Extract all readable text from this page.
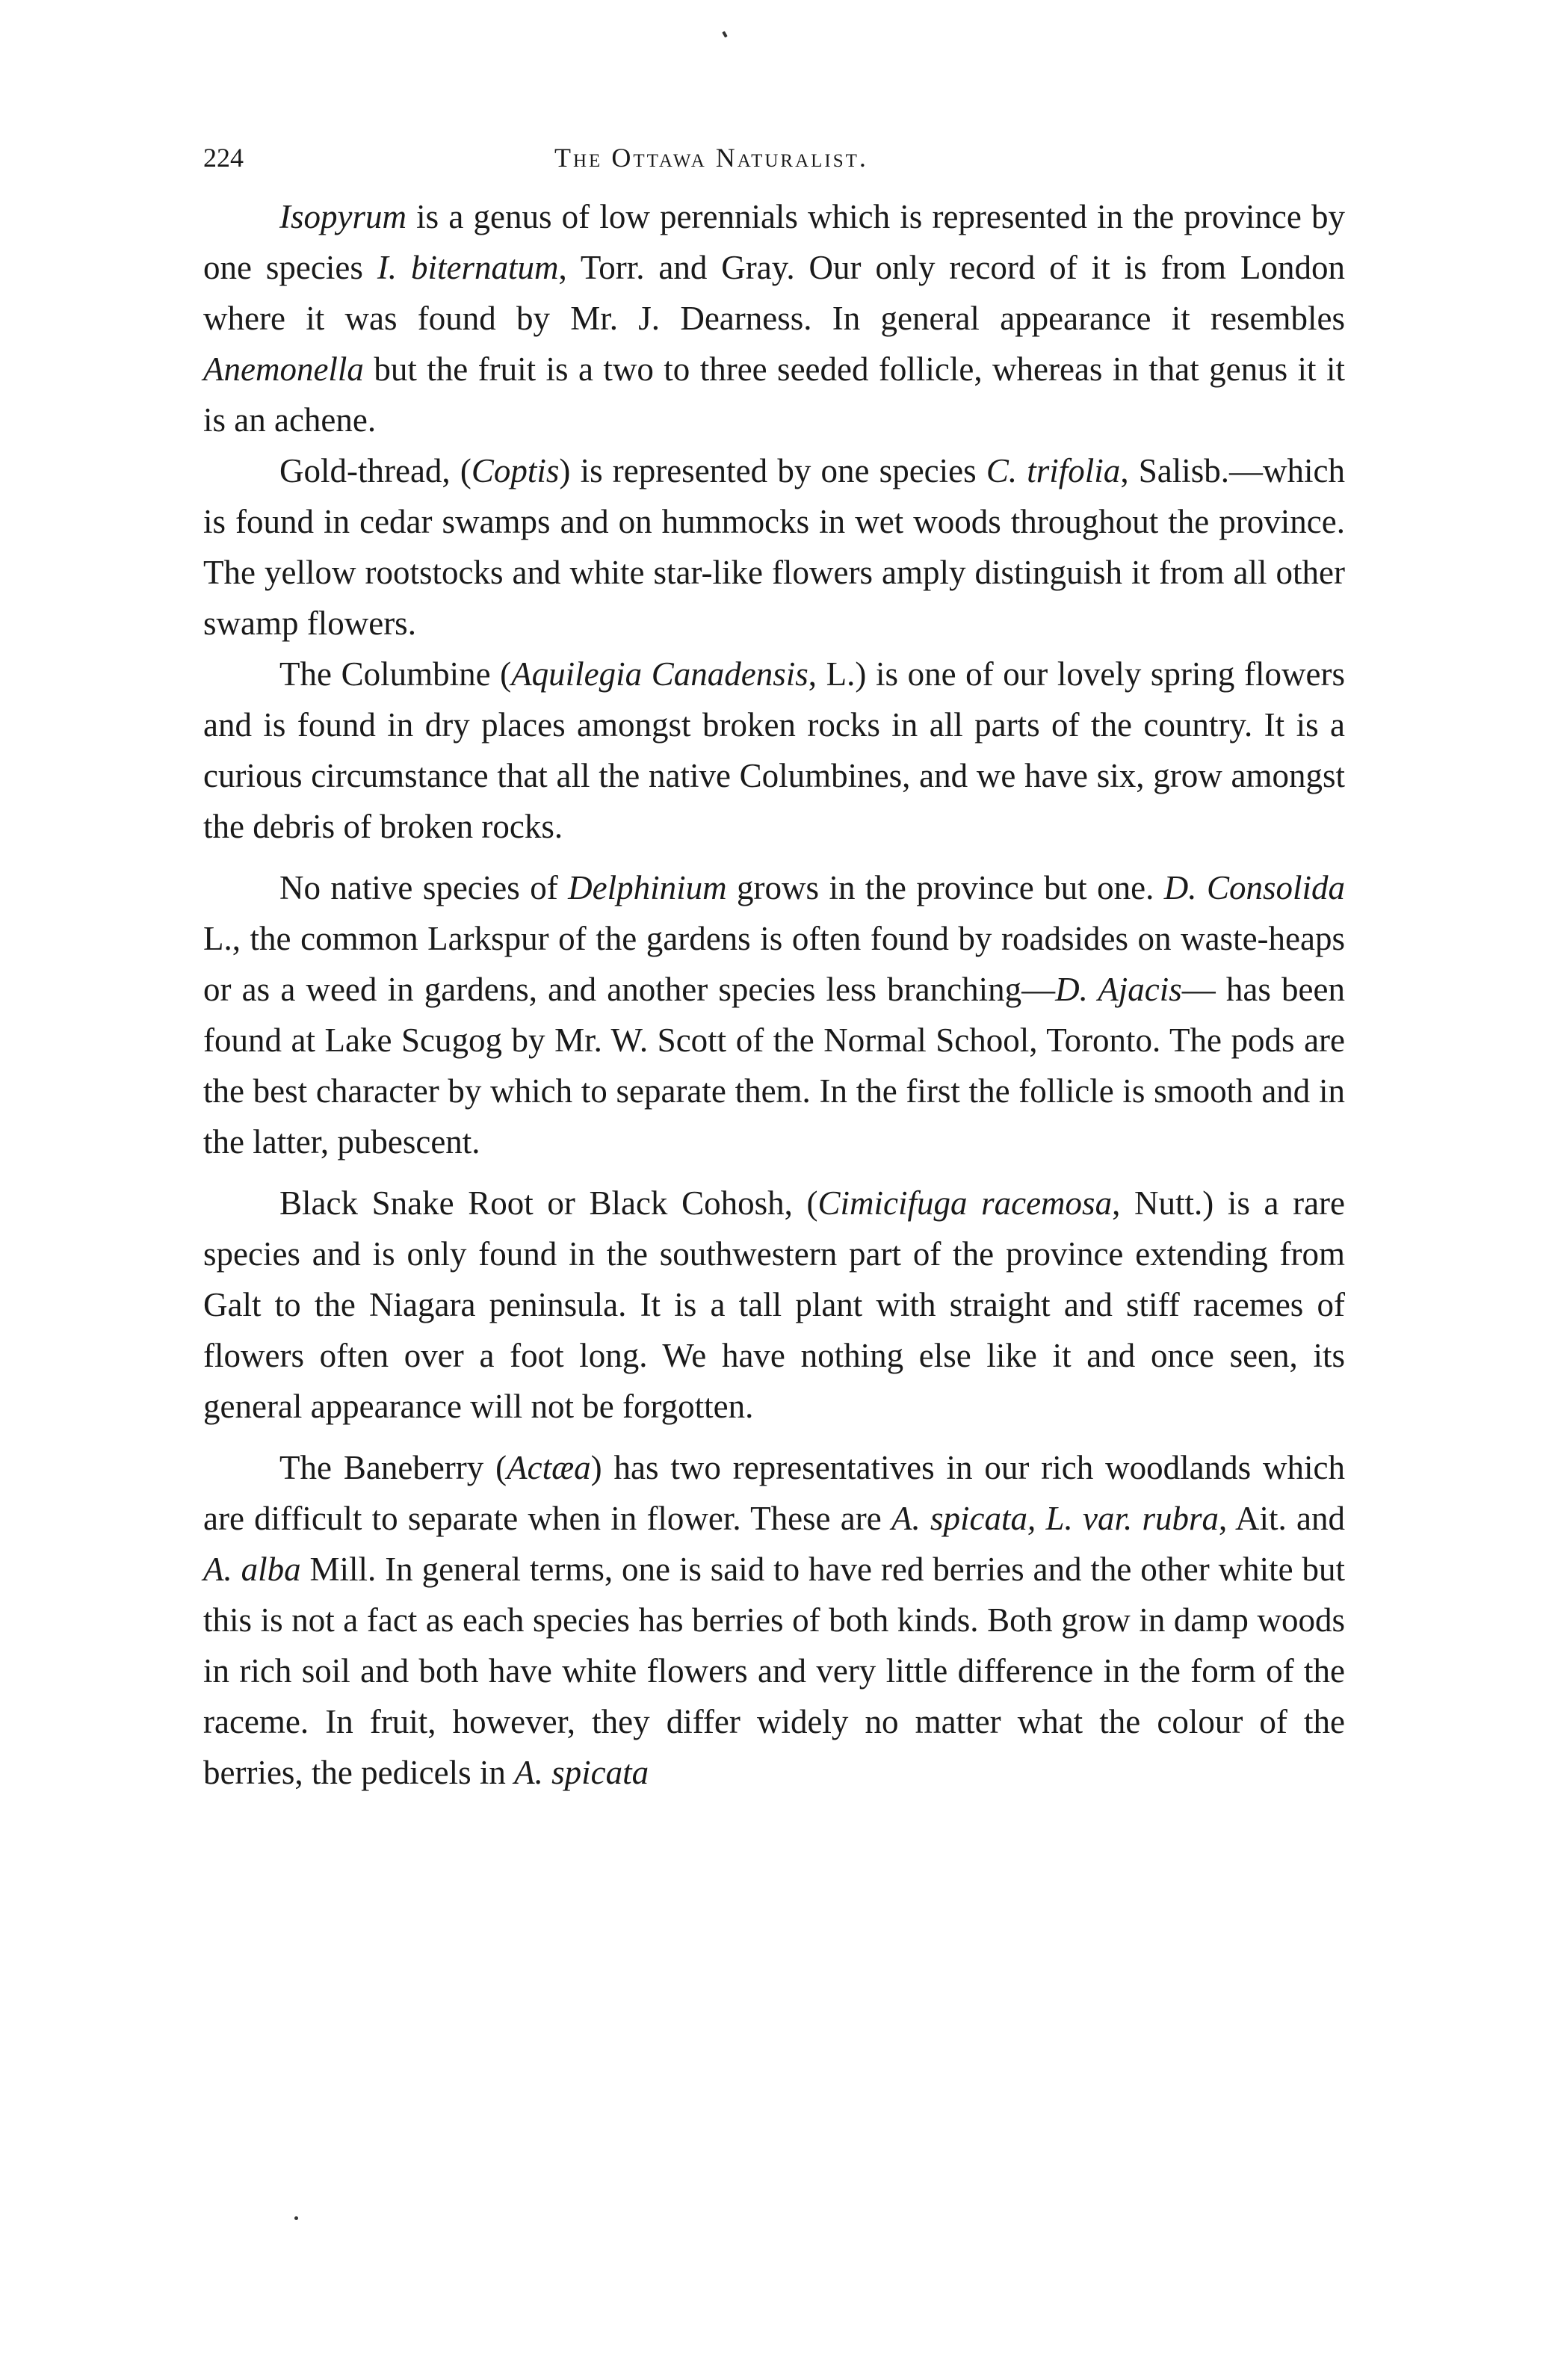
224	The Ottawa Naturalist.

Isopyrum is a genus of low perennials which is represented in the province by one species I. biternatum, Torr. and Gray. Our only record of it is from London where it was found by Mr. J. Dearness. In general appearance it resembles Anemonella but the fruit is a two to three seeded follicle, whereas in that genus it it is an achene.

Gold-thread, (Coptis) is represented by one species C. trifolia, Salisb.—which is found in cedar swamps and on hummocks in wet woods throughout the province. The yellow rootstocks and white star-like flowers amply distinguish it from all other swamp flowers.

The Columbine (Aquilegia Canadensis, L.) is one of our lovely spring flowers and is found in dry places amongst broken rocks in all parts of the country. It is a curious circumstance that all the native Columbines, and we have six, grow amongst the debris of broken rocks.

No native species of Delphinium grows in the province but one. D. Consolida L., the common Larkspur of the gardens is often found by roadsides on waste-heaps or as a weed in gardens, and another species less branching—D. Ajacis— has been found at Lake Scugog by Mr. W. Scott of the Normal School, Toronto. The pods are the best character by which to separate them. In the first the follicle is smooth and in the latter, pubescent.

Black Snake Root or Black Cohosh, (Cimicifuga racemosa, Nutt.) is a rare species and is only found in the southwestern part of the province extending from Galt to the Niagara peninsula. It is a tall plant with straight and stiff racemes of flowers often over a foot long. We have nothing else like it and once seen, its general appearance will not be forgotten.

The Baneberry (Actæa) has two representatives in our rich woodlands which are difficult to separate when in flower. These are A. spicata, L. var. rubra, Ait. and A. alba Mill. In general terms, one is said to have red berries and the other white but this is not a fact as each species has berries of both kinds. Both grow in damp woods in rich soil and both have white flowers and very little difference in the form of the raceme. In fruit, however, they differ widely no matter what the colour of the berries, the pedicels in A. spicata
